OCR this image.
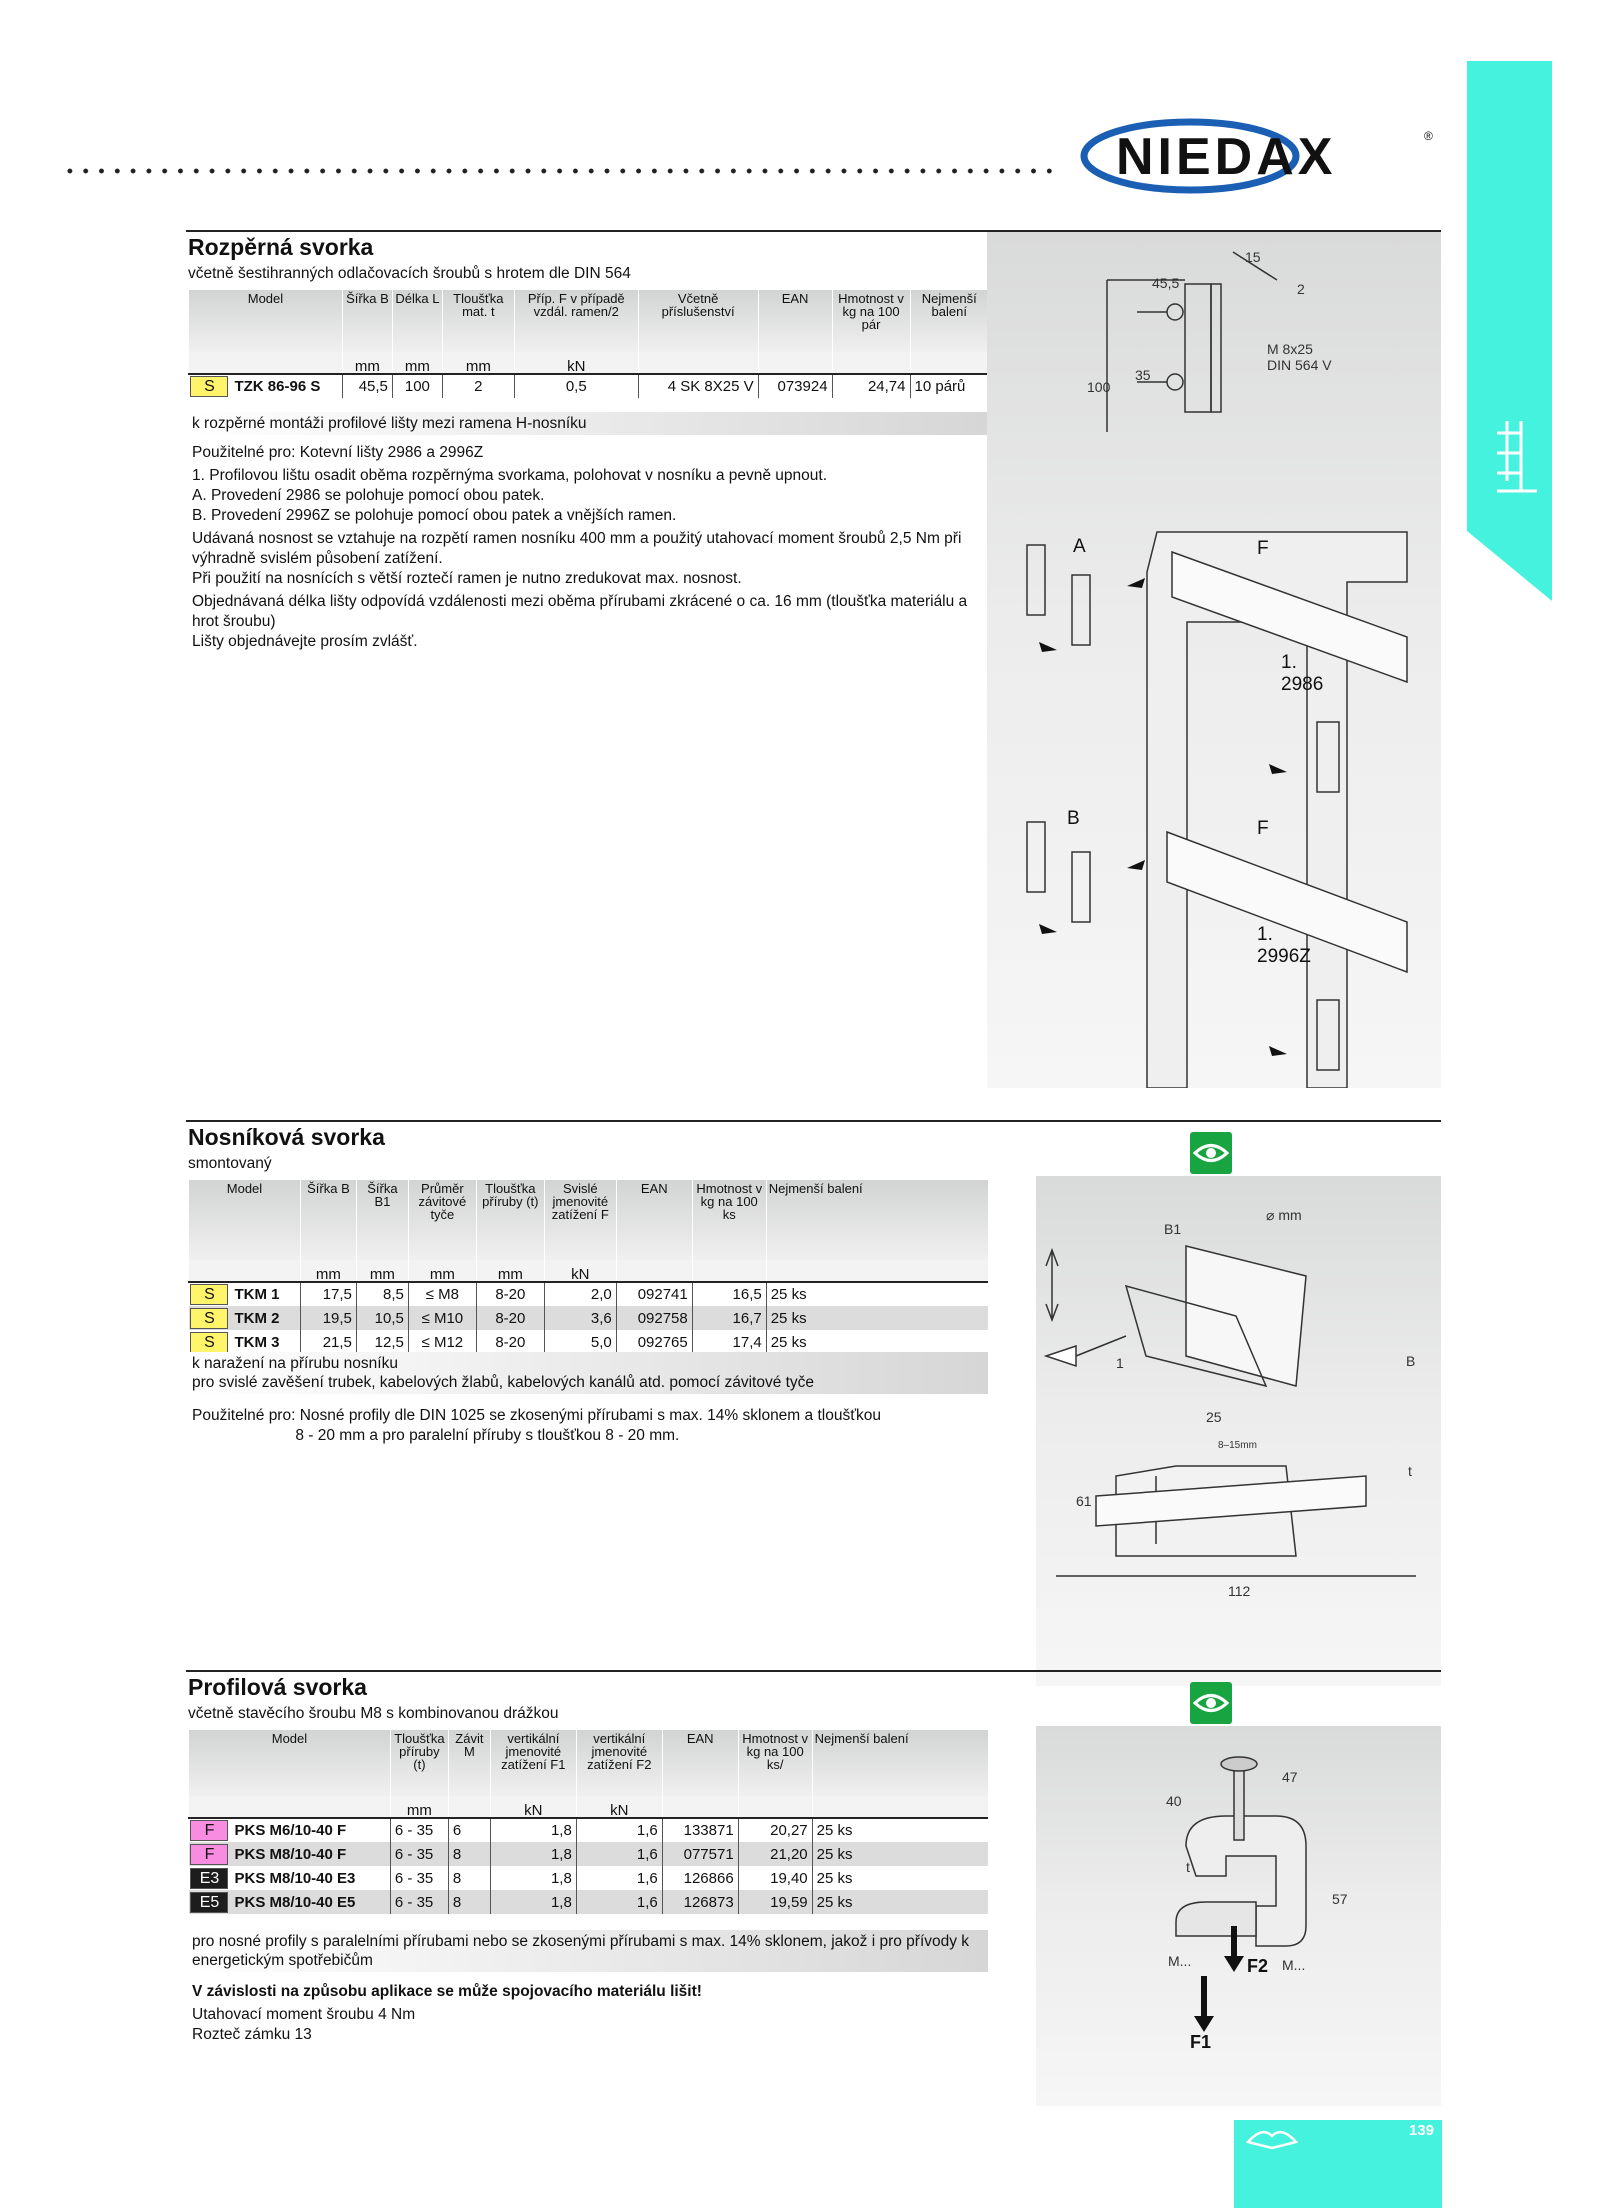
NIEDAX	®
Rozpěrná svorka
včetně šestihranných odlačovacích šroubů s hrotem dle DIN 564
Model		Šířka B	Délka L	Tloušťka mat. t	Příp. F v případě vzdál. ramen/2	Včetně příslušenství	EAN	Hmotnost v kg na 100 pár	Nejmenší balení
		mm	mm	mm	kN				
S	TZK 86-96 S	45,5	100	2	0,5	4 SK 8X25 V	073924	24,74	10 párů
k rozpěrné montáži profilové lišty mezi ramena H-nosníku
Použitelné pro: Kotevní lišty 2986 a 2996Z
1. Profilovou lištu osadit oběma rozpěrnýma svorkama, polohovat v nosníku a pevně upnout.
A. Provedení 2986 se polohuje pomocí obou patek.
B. Provedení 2996Z se polohuje pomocí obou patek a vnějších ramen.
Udávaná nosnost se vztahuje na rozpětí ramen nosníku 400 mm a použitý utahovací moment šroubů 2,5 Nm při výhradně svislém působení zatížení.
Při použití na nosnících s větší roztečí ramen je nutno zredukovat max. nosnost.
Objednávaná délka lišty odpovídá vzdálenosti mezi oběma přírubami zkrácené o ca. 16 mm (tloušťka materiálu a hrot šroubu)
Lišty objednávejte prosím zvlášť.
45,5
15
2
100
35
M 8x25
DIN 564 V
A	F
1.
2986
B	F
1.
2996Z
Nosníková svorka
smontovaný
Model		Šířka B	Šířka B1	Průměr závitové tyče	Tloušťka příruby (t)	Svislé jmenovité zatížení F	EAN	Hmotnost v kg na 100 ks	Nejmenší balení
		mm	mm	mm	mm	kN			
S	TKM 1	17,5	8,5	≤ M8	8-20	2,0	092741	16,5	25 ks
S	TKM 2	19,5	10,5	≤ M10	8-20	3,6	092758	16,7	25 ks
S	TKM 3	21,5	12,5	≤ M12	8-20	5,0	092765	17,4	25 ks
k naražení na přírubu nosníku
pro svislé zavěšení trubek, kabelových žlabů, kabelových kanálů atd. pomocí závitové tyče
Použitelné pro: Nosné profily dle DIN 1025 se zkosenými přírubami s max. 14% sklonem a tloušťkou
8 - 20 mm a pro paralelní příruby s tloušťkou 8 - 20 mm.
B1
⌀ mm
1	B
25
8–15mm
61
t
112
Profilová svorka
včetně stavěcího šroubu M8 s kombinovanou drážkou
Model		Tloušťka příruby (t)	Závit M	vertikální jmenovité zatížení F1	vertikální jmenovité zatížení F2	EAN	Hmotnost v kg na 100 ks/	Nejmenší balení
		mm		kN	kN			
F	PKS M6/10-40 F	6 - 35	6	1,8	1,6	133871	20,27	25 ks
F	PKS M8/10-40 F	6 - 35	8	1,8	1,6	077571	21,20	25 ks
E3	PKS M8/10-40 E3	6 - 35	8	1,8	1,6	126866	19,40	25 ks
E5	PKS M8/10-40 E5	6 - 35	8	1,8	1,6	126873	19,59	25 ks
pro nosné profily s paralelními přírubami nebo se zkosenými přírubami s max. 14% sklonem, jakož i pro přívody k energetickým spotřebičům
V závislosti na způsobu aplikace se může spojovacího materiálu lišit!
Utahovací moment šroubu 4 Nm
Rozteč zámku 13
47
40
t
57
M...	M...
F2
F1
139
